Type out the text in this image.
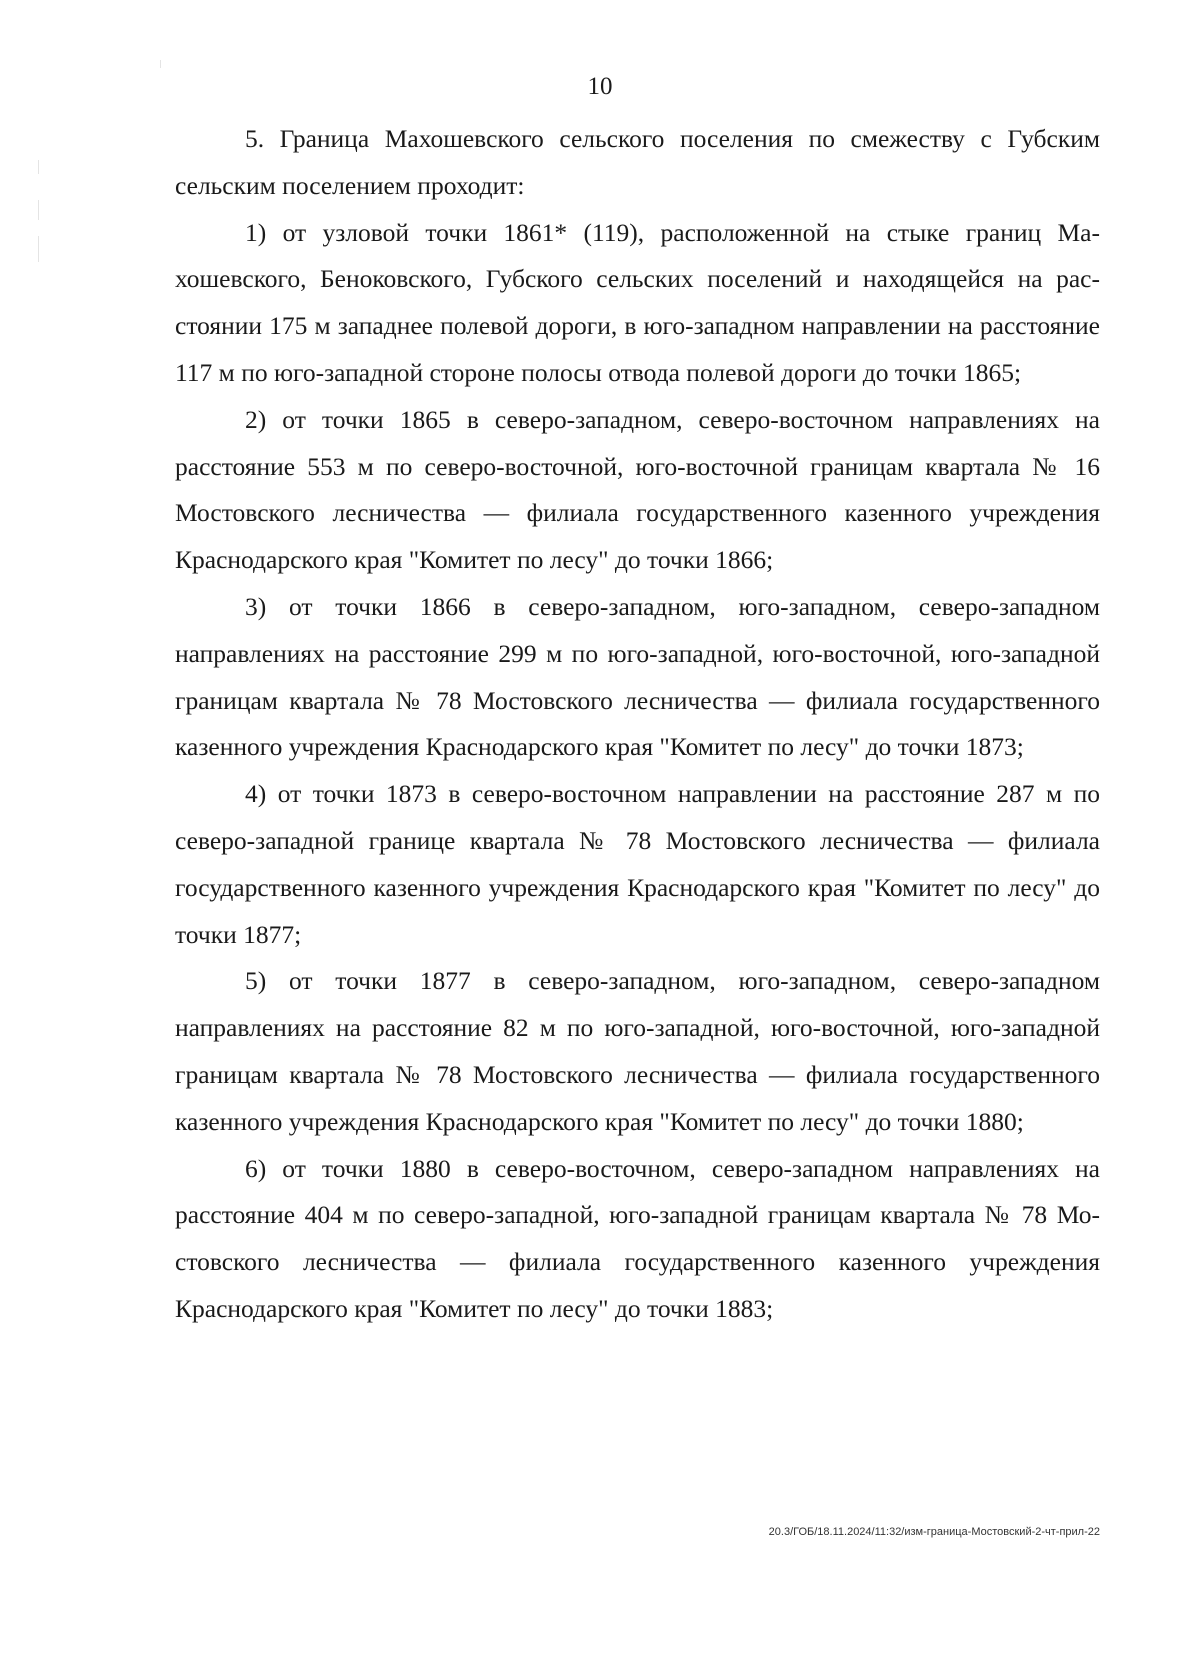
10

5. Граница Махошевского сельского поселения по смежеству с Губским сельским поселением проходит:

1) от узловой точки 1861* (119), расположенной на стыке границ Махошевского, Беноковского, Губского сельских поселений и находящейся на расстоянии 175 м западнее полевой дороги, в юго-западном направлении на расстояние 117 м по юго-западной стороне полосы отвода полевой дороги до точки 1865;

2) от точки 1865 в северо-западном, северо-восточном направлениях на расстояние 553 м по северо-восточной, юго-восточной границам квартала № 16 Мостовского лесничества — филиала государственного казенного учреждения Краснодарского края "Комитет по лесу" до точки 1866;

3) от точки 1866 в северо-западном, юго-западном, северо-западном направлениях на расстояние 299 м по юго-западной, юго-восточной, юго-западной границам квартала № 78 Мостовского лесничества — филиала государственного казенного учреждения Краснодарского края "Комитет по лесу" до точки 1873;

4) от точки 1873 в северо-восточном направлении на расстояние 287 м по северо-западной границе квартала № 78 Мостовского лесничества — филиала государственного казенного учреждения Краснодарского края "Комитет по лесу" до точки 1877;

5) от точки 1877 в северо-западном, юго-западном, северо-западном направлениях на расстояние 82 м по юго-западной, юго-восточной, юго-западной границам квартала № 78 Мостовского лесничества — филиала государственного казенного учреждения Краснодарского края "Комитет по лесу" до точки 1880;

6) от точки 1880 в северо-восточном, северо-западном направлениях на расстояние 404 м по северо-западной, юго-западной границам квартала № 78 Мостовского лесничества — филиала государственного казенного учреждения Краснодарского края "Комитет по лесу" до точки 1883;

20.3/ГОБ/18.11.2024/11:32/изм-граница-Мостовский-2-чт-прил-22
